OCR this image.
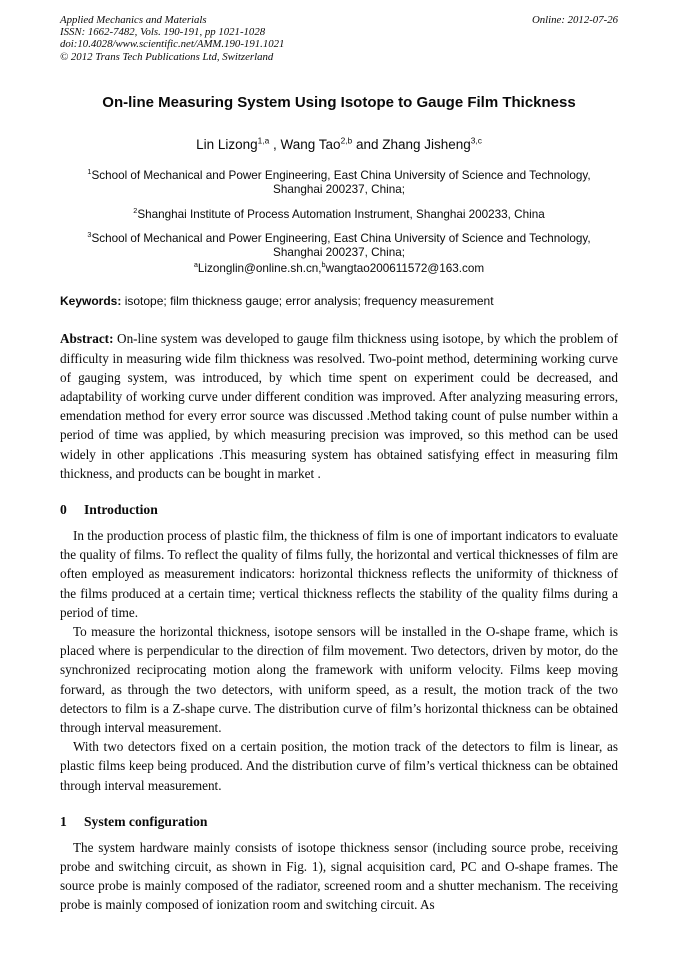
Applied Mechanics and Materials
ISSN: 1662-7482, Vols. 190-191, pp 1021-1028
doi:10.4028/www.scientific.net/AMM.190-191.1021
© 2012 Trans Tech Publications Ltd, Switzerland
Online: 2012-07-26
On-line Measuring System Using Isotope to Gauge Film Thickness
Lin Lizong$^{1,a}$ , Wang Tao$^{2,b}$ and Zhang Jisheng$^{3,c}$
$^1$School of Mechanical and Power Engineering, East China University of Science and Technology,
Shanghai 200237, China;
$^2$Shanghai Institute of Process Automation Instrument, Shanghai 200233, China
$^3$School of Mechanical and Power Engineering, East China University of Science and Technology,
Shanghai 200237, China;
$^a$Lizonglin@online.sh.cn,$^b$wangtao200611572@163.com
Keywords: isotope; film thickness gauge; error analysis; frequency measurement
Abstract: On-line system was developed to gauge film thickness using isotope, by which the problem of difficulty in measuring wide film thickness was resolved. Two-point method, determining working curve of gauging system, was introduced, by which time spent on experiment could be decreased, and adaptability of working curve under different condition was improved. After analyzing measuring errors, emendation method for every error source was discussed .Method taking count of pulse number within a period of time was applied, by which measuring precision was improved, so this method can be used widely in other applications .This measuring system has obtained satisfying effect in measuring film thickness, and products can be bought in market .
0 Introduction

In the production process of plastic film, the thickness of film is one of important indicators to evaluate the quality of films. To reflect the quality of films fully, the horizontal and vertical thicknesses of film are often employed as measurement indicators: horizontal thickness reflects the uniformity of thickness of the films produced at a certain time; vertical thickness reflects the stability of the quality films during a period of time.

To measure the horizontal thickness, isotope sensors will be installed in the O-shape frame, which is placed where is perpendicular to the direction of film movement. Two detectors, driven by motor, do the synchronized reciprocating motion along the framework with uniform velocity. Films keep moving forward, as through the two detectors, with uniform speed, as a result, the motion track of the two detectors to film is a Z-shape curve. The distribution curve of film’s horizontal thickness can be obtained through interval measurement.

With two detectors fixed on a certain position, the motion track of the detectors to film is linear, as plastic films keep being produced. And the distribution curve of film’s vertical thickness can be obtained through interval measurement.

1 System configuration

The system hardware mainly consists of isotope thickness sensor (including source probe, receiving probe and switching circuit, as shown in Fig. 1), signal acquisition card, PC and O-shape frames. The source probe is mainly composed of the radiator, screened room and a shutter mechanism. The receiving probe is mainly composed of ionization room and switching circuit. As
